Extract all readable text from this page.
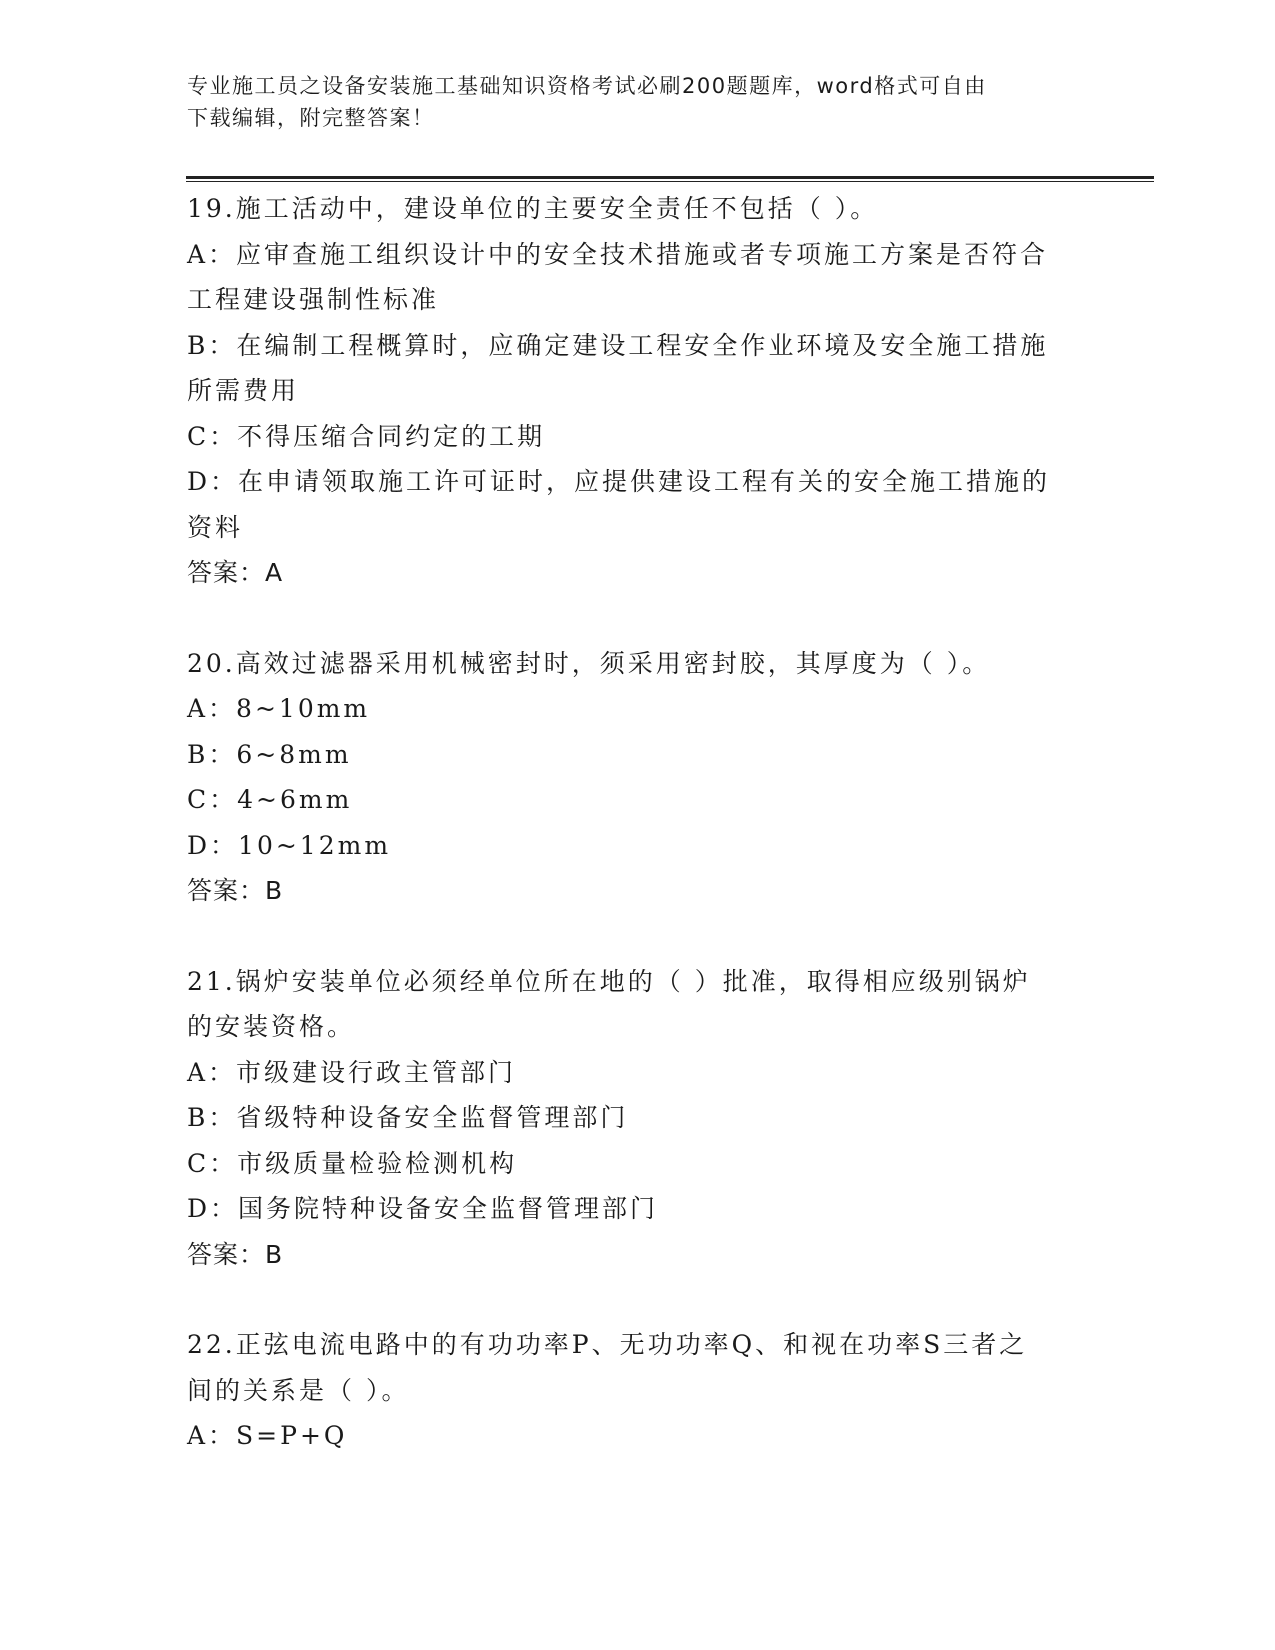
专业施工员之设备安装施工基础知识资格考试必刷200题题库，word格式可自由

下载编辑，附完整答案！

19.施工活动中，建设单位的主要安全责任不包括（ ）。

A：应审查施工组织设计中的安全技术措施或者专项施工方案是否符合

工程建设强制性标准

B：在编制工程概算时，应确定建设工程安全作业环境及安全施工措施

所需费用

C：不得压缩合同约定的工期

D：在申请领取施工许可证时，应提供建设工程有关的安全施工措施的

资料

答案：A

20.高效过滤器采用机械密封时，须采用密封胶，其厚度为（ ）。

A：8~10mm

B：6~8mm

C：4~6mm

D：10~12mm

答案：B

21.锅炉安装单位必须经单位所在地的（ ）批准，取得相应级别锅炉

的安装资格。

A：市级建设行政主管部门

B：省级特种设备安全监督管理部门

C：市级质量检验检测机构

D：国务院特种设备安全监督管理部门

答案：B

22.正弦电流电路中的有功功率P、无功功率Q、和视在功率S三者之

间的关系是（ ）。

A：S=P+Q
